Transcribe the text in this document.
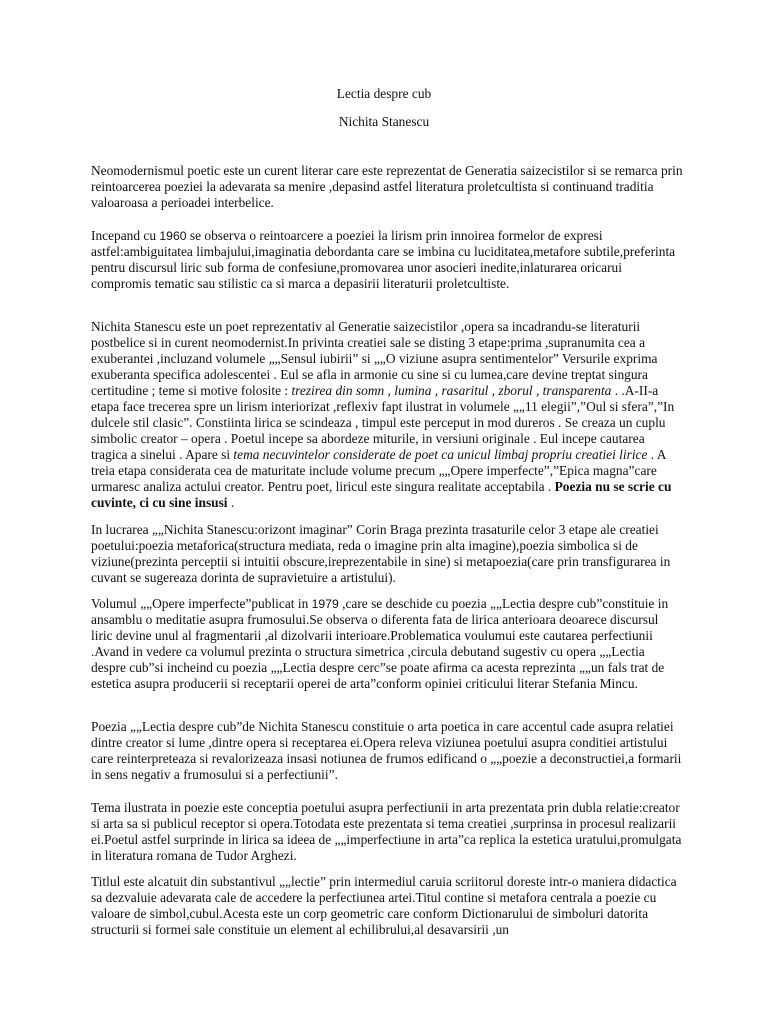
Lectia despre cub
Nichita Stanescu

Neomodernismul poetic este un curent literar care este reprezentat de Generatia saizecistilor si se remarca prin reintoarcerea poeziei la adevarata sa menire ,depasind astfel literatura proletcultista si continuand traditia valoaroasa a perioadei interbelice.

Incepand cu 1960 se observa o reintoarcere a poeziei la lirism prin innoirea formelor de expresi astfel:ambiguitatea limbajului,imaginatia debordanta care se imbina cu luciditatea,metafore subtile,preferinta pentru discursul liric sub forma de confesiune,promovarea unor asocieri inedite,inlaturarea oricarui compromis tematic sau stilistic ca si marca a depasirii literaturii proletcultiste.

Nichita Stanescu este un poet reprezentativ al Generatie saizecistilor ,opera sa incadrandu-se literaturii postbelice si in curent neomodernist.In privinta creatiei sale se disting 3 etape:prima ,supranumita cea a exuberantei ,incluzand volumele „„Sensul iubirii” si „„O viziune asupra sentimentelor” Versurile exprima exuberanta specifica adolescentei . Eul se afla in armonie cu sine si cu lumea,care devine treptat singura certitudine ; teme si motive folosite : trezirea din somn , lumina , rasaritul , zborul , transparenta . .A-II-a etapa face trecerea spre un lirism interiorizat ,reflexiv fapt ilustrat in volumele „„11 elegii”,”Oul si sfera”,”In dulcele stil clasic”. Constiinta lirica se scindeaza , timpul este perceput in mod dureros . Se creaza un cuplu simbolic creator – opera . Poetul incepe sa abordeze miturile, in versiuni originale . Eul incepe cautarea tragica a sinelui . Apare si tema necuvintelor considerate de poet ca unicul limbaj propriu creatiei lirice . A treia etapa considerata cea de maturitate include volume precum „„Opere imperfecte”,”Epica magna”care urmaresc analiza actului creator. Pentru poet, liricul este singura realitate acceptabila . Poezia nu se scrie cu cuvinte, ci cu sine insusi .

In lucrarea „„Nichita Stanescu:orizont imaginar” Corin Braga prezinta trasaturile celor 3 etape ale creatiei poetului:poezia metaforica(structura mediata, reda o imagine prin alta imagine),poezia simbolica si de viziune(prezinta perceptii si intuitii obscure,ireprezentabile in sine) si metapoezia(care prin transfigurarea in cuvant se sugereaza dorinta de supravietuire a artistului).

Volumul „„Opere imperfecte”publicat in 1979 ,care se deschide cu poezia „„Lectia despre cub”constituie in ansamblu o meditatie asupra frumosului.Se observa o diferenta fata de lirica anterioara deoarece discursul liric devine unul al fragmentarii ,al dizolvarii interioare.Problematica voulumui este cautarea perfectiunii .Avand in vedere ca volumul prezinta o structura simetrica ,circula debutand sugestiv cu opera „„Lectia despre cub”si incheind cu poezia „„Lectia despre cerc”se poate afirma ca acesta reprezinta „„un fals trat de estetica asupra producerii si receptarii operei de arta”conform opiniei criticului literar Stefania Mincu.

Poezia „„Lectia despre cub”de Nichita Stanescu constituie o arta poetica in care accentul cade asupra relatiei dintre creator si lume ,dintre opera si receptarea ei.Opera releva viziunea poetului asupra conditiei artistului care reinterpreteaza si revalorizeaza insasi notiunea de frumos edificand o „„poezie a deconstructiei,a formarii in sens negativ a frumosului si a perfectiunii”.

Tema ilustrata in poezie este conceptia poetului asupra perfectiunii in arta prezentata prin dubla relatie:creator si arta sa si publicul receptor si opera.Totodata este prezentata si tema creatiei ,surprinsa in procesul realizarii ei.Poetul astfel surprinde in lirica sa ideea de „„imperfectiune in arta”ca replica la estetica uratului,promulgata in literatura romana de Tudor Arghezi.

Titlul este alcatuit din substantivul „„lectie” prin intermediul caruia scriitorul doreste intr-o maniera didactica sa dezvaluie adevarata cale de accedere la perfectiunea artei.Titul contine si metafora centrala a poezie cu valoare de simbol,cubul.Acesta este un corp geometric care conform Dictionarului de simboluri datorita structurii si formei sale constituie un element al echilibrului,al desavarsirii ,un
